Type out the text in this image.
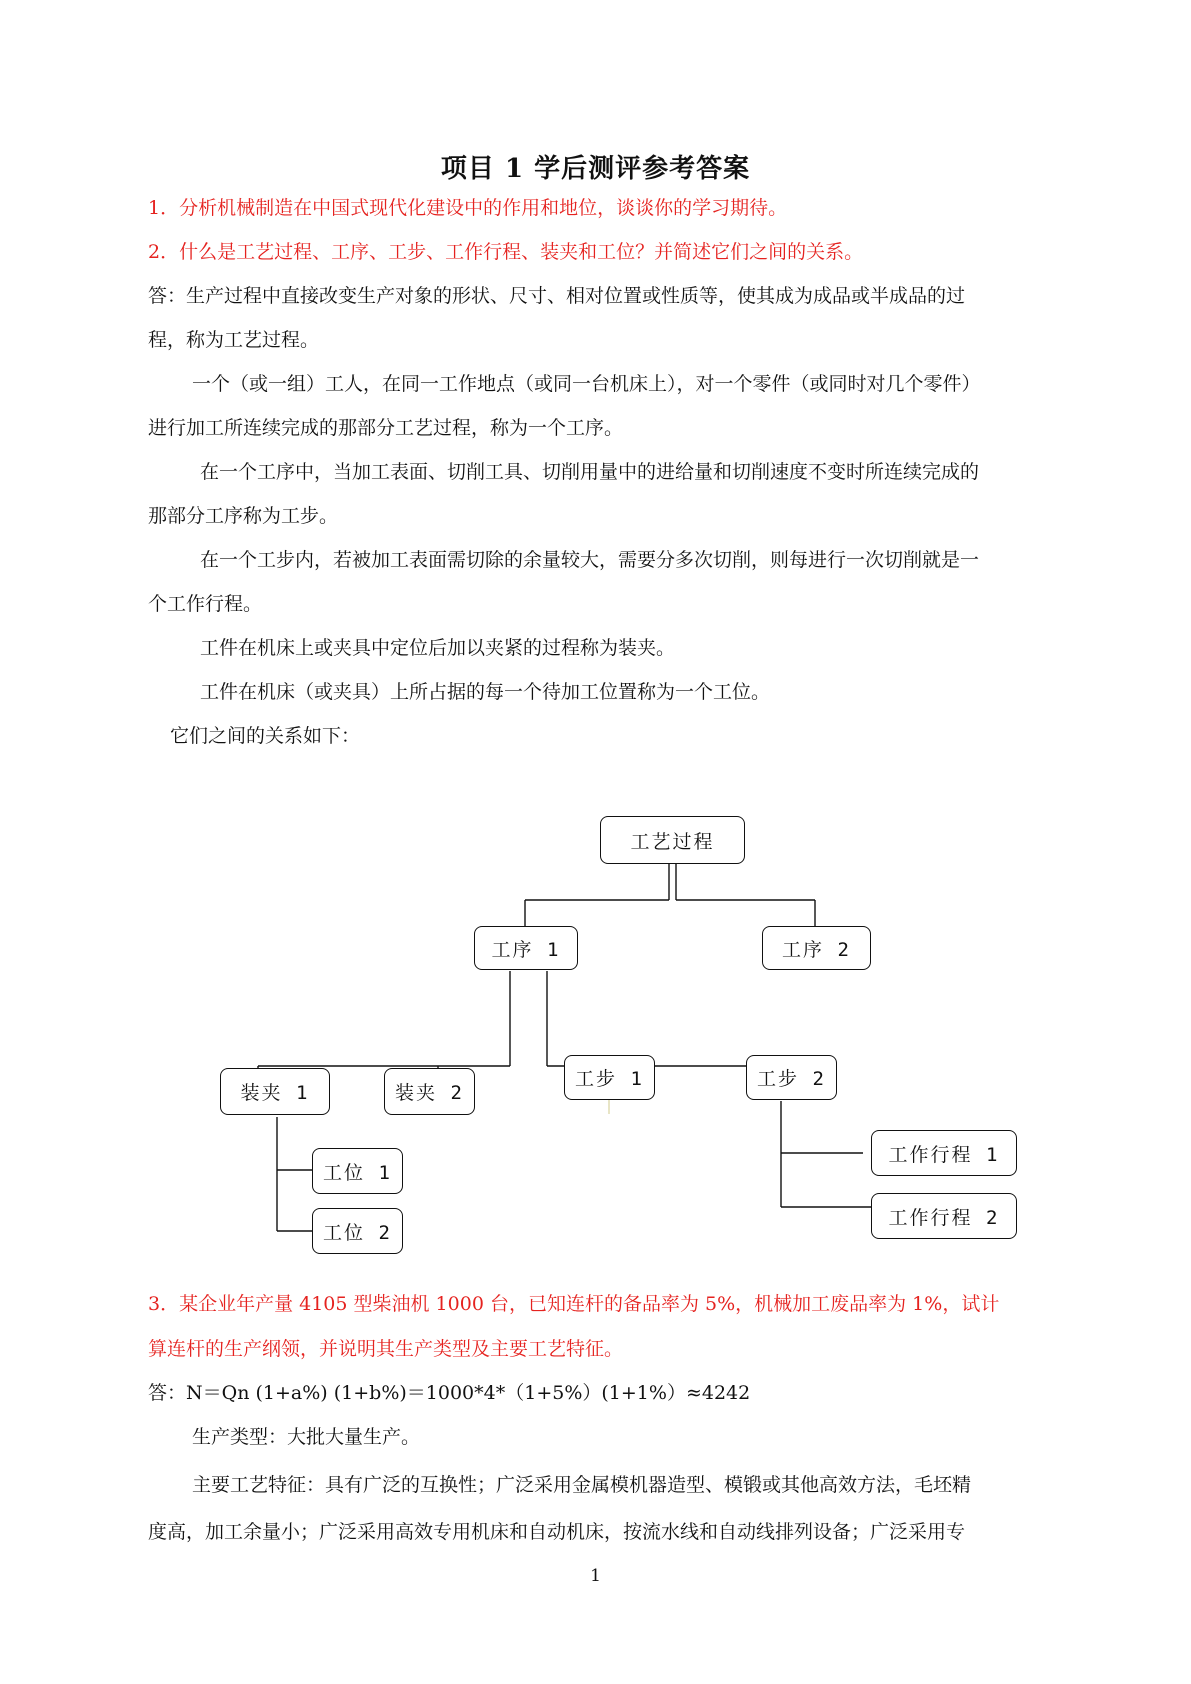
项目 1 学后测评参考答案
1．分析机械制造在中国式现代化建设中的作用和地位，谈谈你的学习期待。
2．什么是工艺过程、工序、工步、工作行程、装夹和工位？并简述它们之间的关系。
答：生产过程中直接改变生产对象的形状、尺寸、相对位置或性质等，使其成为成品或半成品的过
程，称为工艺过程。
一个（或一组）工人，在同一工作地点（或同一台机床上），对一个零件（或同时对几个零件）
进行加工所连续完成的那部分工艺过程，称为一个工序。
在一个工序中，当加工表面、切削工具、切削用量中的进给量和切削速度不变时所连续完成的
那部分工序称为工步。
在一个工步内，若被加工表面需切除的余量较大，需要分多次切削，则每进行一次切削就是一
个工作行程。
工件在机床上或夹具中定位后加以夹紧的过程称为装夹。
工件在机床（或夹具）上所占据的每一个待加工位置称为一个工位。
它们之间的关系如下：
工艺过程
工序 1	工序 2
装夹 1	装夹 2
工步 1	工步 2
工位 1
工位 2
工作行程 1
工作行程 2
3．某企业年产量 4105 型柴油机 1000 台，已知连杆的备品率为 5%，机械加工废品率为 1%，试计
算连杆的生产纲领，并说明其生产类型及主要工艺特征。
答：N＝Qn (1+a%) (1+b%)＝1000*4*（1+5%）(1+1%）≈4242
生产类型：大批大量生产。
主要工艺特征：具有广泛的互换性；广泛采用金属模机器造型、模锻或其他高效方法，毛坯精
度高，加工余量小；广泛采用高效专用机床和自动机床，按流水线和自动线排列设备；广泛采用专
1
